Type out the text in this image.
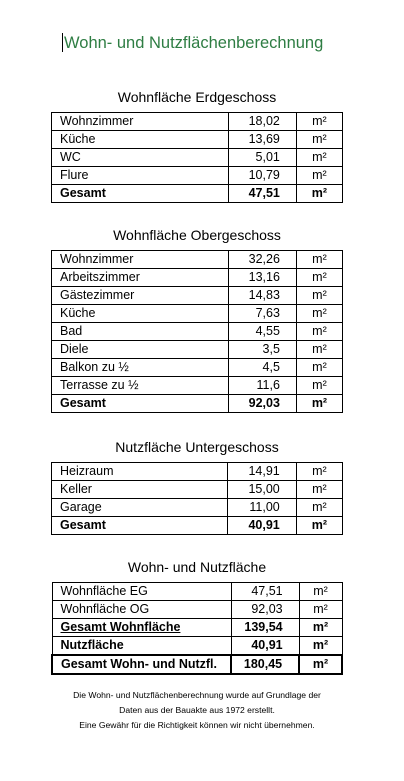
Wohn- und Nutzflächenberechnung
Wohnfläche Erdgeschoss
Wohnzimmer	18,02	m²
Küche	13,69	m²
WC	5,01	m²
Flure	10,79	m²
Gesamt	47,51	m²
Wohnfläche Obergeschoss
Wohnzimmer	32,26	m²
Arbeitszimmer	13,16	m²
Gästezimmer	14,83	m²
Küche	7,63	m²
Bad	4,55	m²
Diele	3,5	m²
Balkon zu ½	4,5	m²
Terrasse zu ½	11,6	m²
Gesamt	92,03	m²
Nutzfläche Untergeschoss
Heizraum	14,91	m²
Keller	15,00	m²
Garage	11,00	m²
Gesamt	40,91	m²
Wohn- und Nutzfläche
Wohnfläche EG	47,51	m²
Wohnfläche OG	92,03	m²
Gesamt Wohnfläche	139,54	m²
Nutzfläche	40,91	m²
Gesamt Wohn- und Nutzfl.	180,45	m²
Die Wohn- und Nutzflächenberechnung wurde auf Grundlage der
Daten aus der Bauakte aus 1972 erstellt.
Eine Gewähr für die Richtigkeit können wir nicht übernehmen.
